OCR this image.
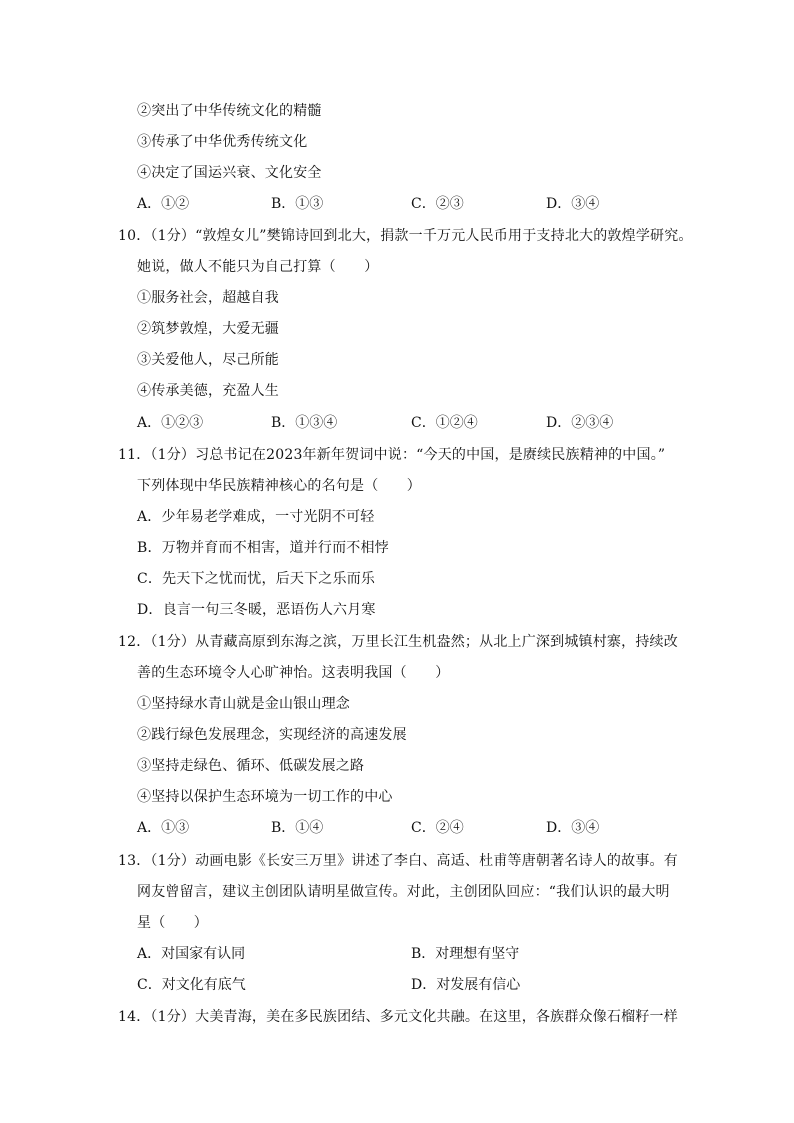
②突出了中华传统文化的精髓
③传承了中华优秀传统文化
④决定了国运兴衰、文化安全
A．①②	B．①③	C．②③	D．③④
10．（1分）“敦煌女儿”樊锦诗回到北大，捐款一千万元人民币用于支持北大的敦煌学研究。
她说，做人不能只为自己打算（　　）
①服务社会，超越自我
②筑梦敦煌，大爱无疆
③关爱他人，尽己所能
④传承美德，充盈人生
A．①②③	B．①③④	C．①②④	D．②③④
11．（1分）习总书记在2023年新年贺词中说：“今天的中国，是赓续民族精神的中国。”
下列体现中华民族精神核心的名句是（　　）
A．少年易老学难成，一寸光阴不可轻
B．万物并育而不相害，道并行而不相悖
C．先天下之忧而忧，后天下之乐而乐
D．良言一句三冬暖，恶语伤人六月寒
12．（1分）从青藏高原到东海之滨，万里长江生机盎然；从北上广深到城镇村寨，持续改
善的生态环境令人心旷神怡。这表明我国（　　）
①坚持绿水青山就是金山银山理念
②践行绿色发展理念，实现经济的高速发展
③坚持走绿色、循环、低碳发展之路
④坚持以保护生态环境为一切工作的中心
A．①③	B．①④	C．②④	D．③④
13．（1分）动画电影《长安三万里》讲述了李白、高适、杜甫等唐朝著名诗人的故事。有
网友曾留言，建议主创团队请明星做宣传。对此，主创团队回应：“我们认识的最大明
星（　　）
A．对国家有认同	B．对理想有坚守
C．对文化有底气	D．对发展有信心
14．（1分）大美青海，美在多民族团结、多元文化共融。在这里，各族群众像石榴籽一样
